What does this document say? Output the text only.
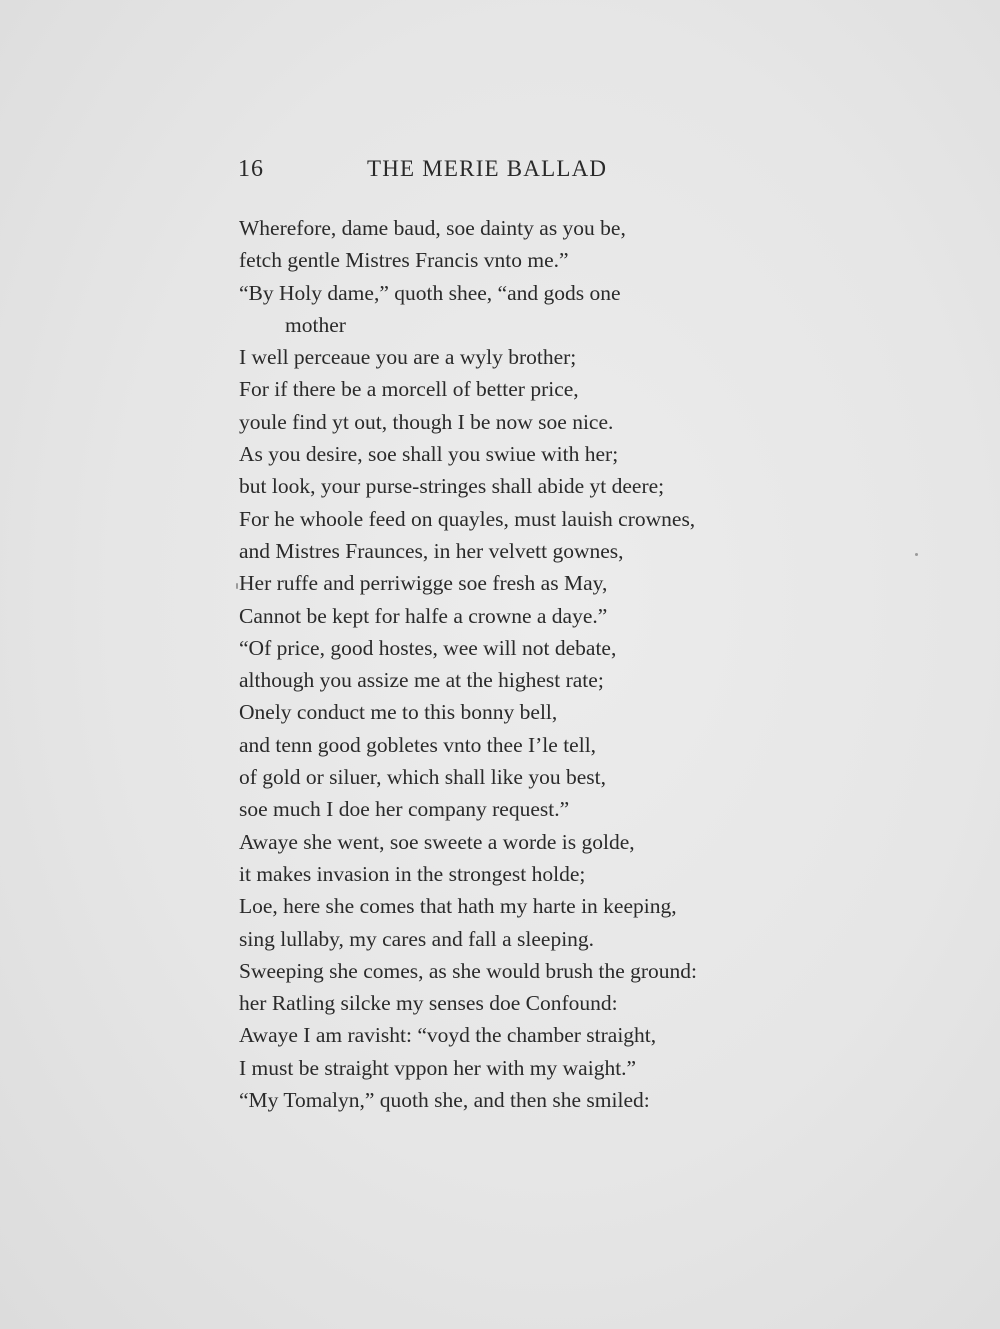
16	THE MERIE BALLAD
Wherefore, dame baud, soe dainty as you be,
fetch gentle Mistres Francis vnto me.”
“By Holy dame,” quoth shee, “and gods one
mother
I well perceaue you are a wyly brother;
For if there be a morcell of better price,
youle find yt out, though I be now soe nice.
As you desire, soe shall you swiue with her;
but look, your purse-stringes shall abide yt deere;
For he whoole feed on quayles, must lauish crownes,
and Mistres Fraunces, in her velvett gownes,
Her ruffe and perriwigge soe fresh as May,
Cannot be kept for halfe a crowne a daye.”
“Of price, good hostes, wee will not debate,
although you assize me at the highest rate;
Onely conduct me to this bonny bell,
and tenn good gobletes vnto thee I’le tell,
of gold or siluer, which shall like you best,
soe much I doe her company request.”
Awaye she went, soe sweete a worde is golde,
it makes invasion in the strongest holde;
Loe, here she comes that hath my harte in keeping,
sing lullaby, my cares and fall a sleeping.
Sweeping she comes, as she would brush the ground:
her Ratling silcke my senses doe Confound:
Awaye I am ravisht: “voyd the chamber straight,
I must be straight vppon her with my waight.”
“My Tomalyn,” quoth she, and then she smiled:
